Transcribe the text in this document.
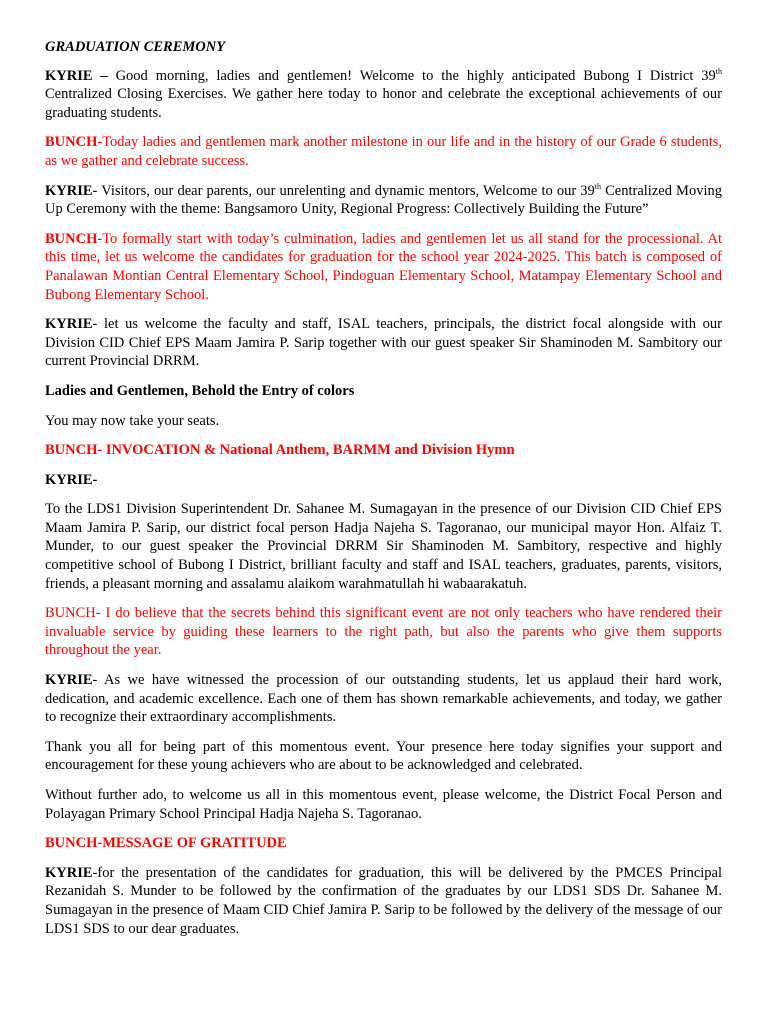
GRADUATION CEREMONY

KYRIE – Good morning, ladies and gentlemen! Welcome to the highly anticipated Bubong I District 39th Centralized Closing Exercises. We gather here today to honor and celebrate the exceptional achievements of our graduating students.

BUNCH-Today ladies and gentlemen mark another milestone in our life and in the history of our Grade 6 students, as we gather and celebrate success.

KYRIE- Visitors, our dear parents, our unrelenting and dynamic mentors, Welcome to our 39th Centralized Moving Up Ceremony with the theme: Bangsamoro Unity, Regional Progress: Collectively Building the Future”

BUNCH-To formally start with today’s culmination, ladies and gentlemen let us all stand for the processional. At this time, let us welcome the candidates for graduation for the school year 2024-2025. This batch is composed of Panalawan Montian Central Elementary School, Pindoguan Elementary School, Matampay Elementary School and Bubong Elementary School.

KYRIE- let us welcome the faculty and staff, ISAL teachers, principals, the district focal alongside with our Division CID Chief EPS Maam Jamira P. Sarip together with our guest speaker Sir Shaminoden M. Sambitory our current Provincial DRRM.

Ladies and Gentlemen, Behold the Entry of colors

You may now take your seats.

BUNCH- INVOCATION & National Anthem, BARMM and Division Hymn

KYRIE-

To the LDS1 Division Superintendent Dr. Sahanee M. Sumagayan in the presence of our Division CID Chief EPS Maam Jamira P. Sarip, our district focal person Hadja Najeha S. Tagoranao, our municipal mayor Hon. Alfaiz T. Munder, to our guest speaker the Provincial DRRM Sir Shaminoden M. Sambitory, respective and highly competitive school of Bubong I District, brilliant faculty and staff and ISAL teachers, graduates, parents, visitors, friends, a pleasant morning and assalamu alaikom warahmatullah hi wabaarakatuh.

BUNCH- I do believe that the secrets behind this significant event are not only teachers who have rendered their invaluable service by guiding these learners to the right path, but also the parents who give them supports throughout the year.

KYRIE- As we have witnessed the procession of our outstanding students, let us applaud their hard work, dedication, and academic excellence. Each one of them has shown remarkable achievements, and today, we gather to recognize their extraordinary accomplishments.

Thank you all for being part of this momentous event. Your presence here today signifies your support and encouragement for these young achievers who are about to be acknowledged and celebrated.

Without further ado, to welcome us all in this momentous event, please welcome, the District Focal Person and Polayagan Primary School Principal Hadja Najeha S. Tagoranao.

BUNCH-MESSAGE OF GRATITUDE

KYRIE-for the presentation of the candidates for graduation, this will be delivered by the PMCES Principal Rezanidah S. Munder to be followed by the confirmation of the graduates by our LDS1 SDS Dr. Sahanee M. Sumagayan in the presence of Maam CID Chief Jamira P. Sarip to be followed by the delivery of the message of our LDS1 SDS to our dear graduates.
